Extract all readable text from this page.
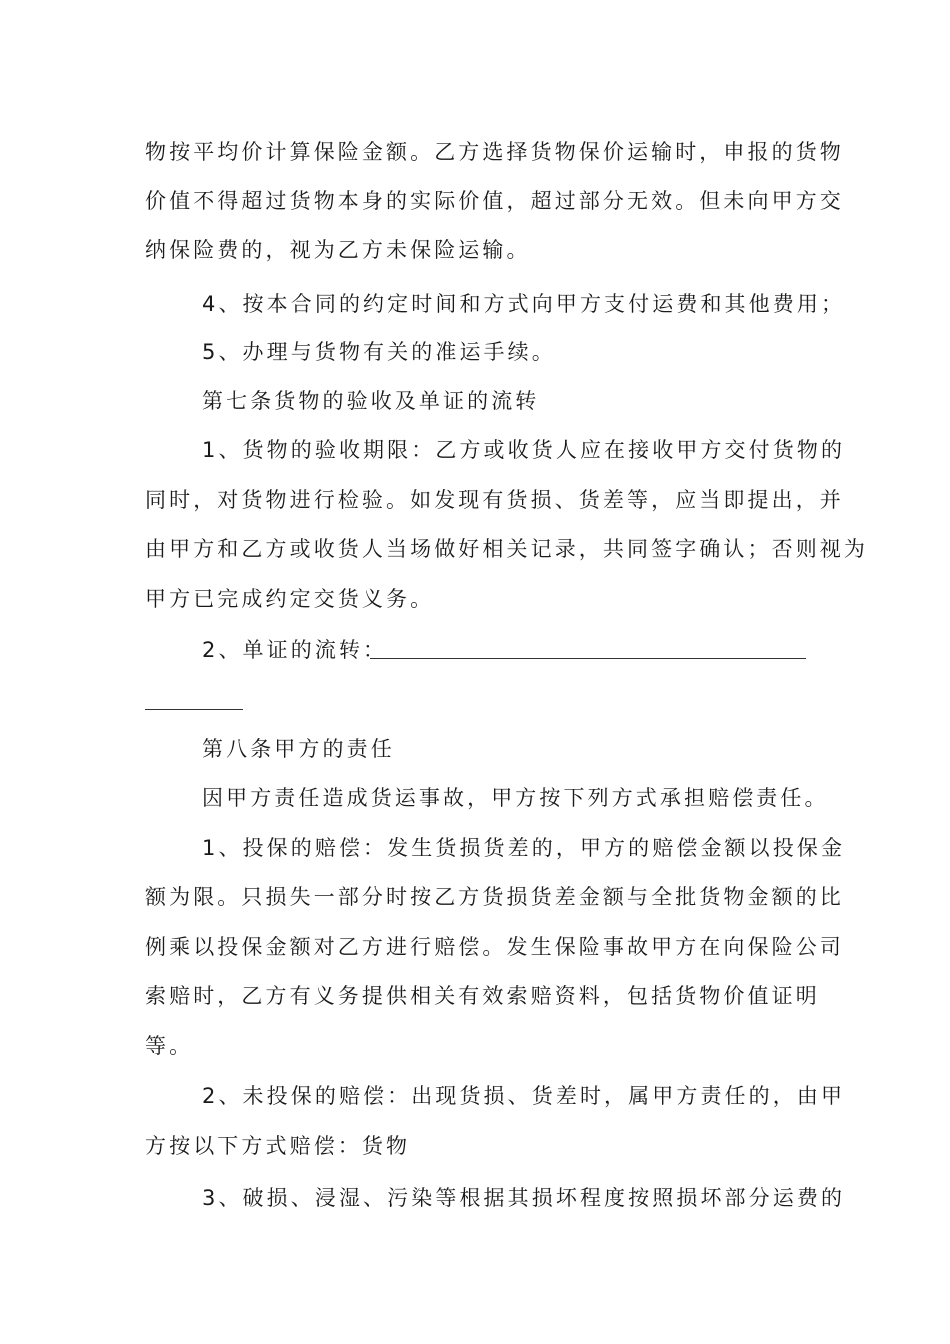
物按平均价计算保险金额。乙方选择货物保价运输时，申报的货物
价值不得超过货物本身的实际价值，超过部分无效。但未向甲方交
纳保险费的，视为乙方未保险运输。
4、按本合同的约定时间和方式向甲方支付运费和其他费用；
5、办理与货物有关的准运手续。
第七条货物的验收及单证的流转
1、货物的验收期限：乙方或收货人应在接收甲方交付货物的
同时，对货物进行检验。如发现有货损、货差等，应当即提出，并
由甲方和乙方或收货人当场做好相关记录，共同签字确认；否则视为
甲方已完成约定交货义务。
2、单证的流转：
第八条甲方的责任
因甲方责任造成货运事故，甲方按下列方式承担赔偿责任。
1、投保的赔偿：发生货损货差的，甲方的赔偿金额以投保金
额为限。只损失一部分时按乙方货损货差金额与全批货物金额的比
例乘以投保金额对乙方进行赔偿。发生保险事故甲方在向保险公司
索赔时，乙方有义务提供相关有效索赔资料，包括货物价值证明
等。
2、未投保的赔偿：出现货损、货差时，属甲方责任的，由甲
方按以下方式赔偿：货物
3、破损、浸湿、污染等根据其损坏程度按照损坏部分运费的
